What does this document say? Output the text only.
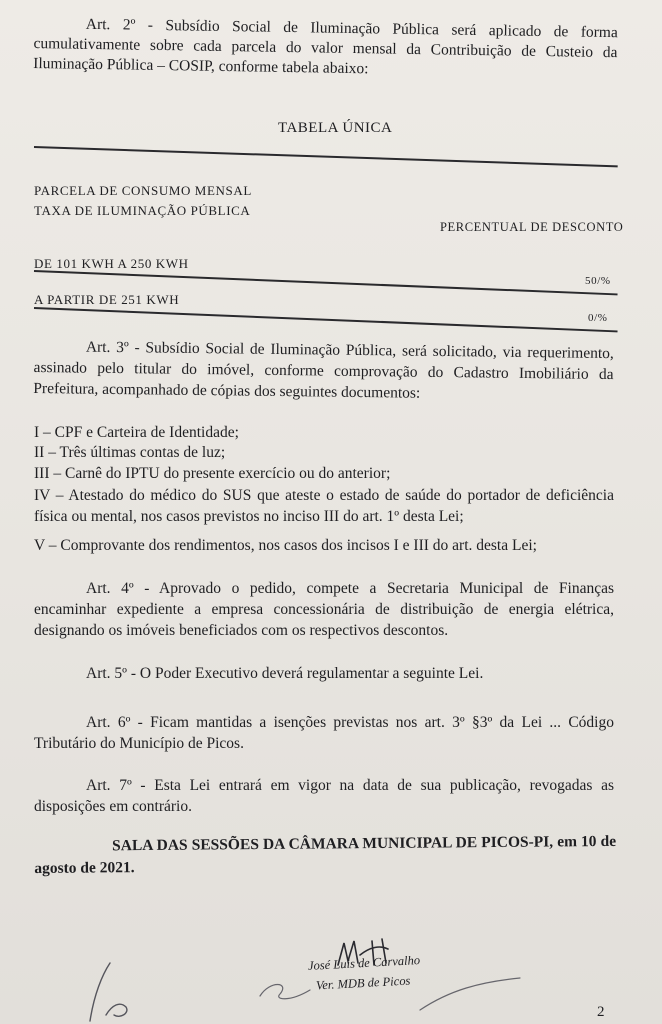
Art. 2º - Subsídio Social de Iluminação Pública será aplicado de forma cumulativamente sobre cada parcela do valor mensal da Contribuição de Custeio da Iluminação Pública – COSIP, conforme tabela abaixo:
TABELA ÚNICA
PARCELA DE CONSUMO MENSAL
TAXA DE ILUMINAÇÃO PÚBLICA
PERCENTUAL DE DESCONTO
DE 101 KWH A 250 KWH
50/%
A PARTIR DE 251 KWH
0/%
Art. 3º - Subsídio Social de Iluminação Pública, será solicitado, via requerimento, assinado pelo titular do imóvel, conforme comprovação do Cadastro Imobiliário da Prefeitura, acompanhado de cópias dos seguintes documentos:
I – CPF e Carteira de Identidade;
II – Três últimas contas de luz;
III – Carnê do IPTU do presente exercício ou do anterior;
IV – Atestado do médico do SUS que ateste o estado de saúde do portador de deficiência física ou mental, nos casos previstos no inciso III do art. 1º desta Lei;
V – Comprovante dos rendimentos, nos casos dos incisos I e III do art. desta Lei;
Art. 4º - Aprovado o pedido, compete a Secretaria Municipal de Finanças encaminhar expediente a empresa concessionária de distribuição de energia elétrica, designando os imóveis beneficiados com os respectivos descontos.
Art. 5º - O Poder Executivo deverá regulamentar a seguinte Lei.
Art. 6º - Ficam mantidas a isenções previstas nos art. 3º §3º da Lei ... Código Tributário do Município de Picos.
Art. 7º - Esta Lei entrará em vigor na data de sua publicação, revogadas as disposições em contrário.
SALA DAS SESSÕES DA CÂMARA MUNICIPAL DE PICOS-PI, em 10 de agosto de 2021.
José Luis de Carvalho
Ver. MDB de Picos
2
